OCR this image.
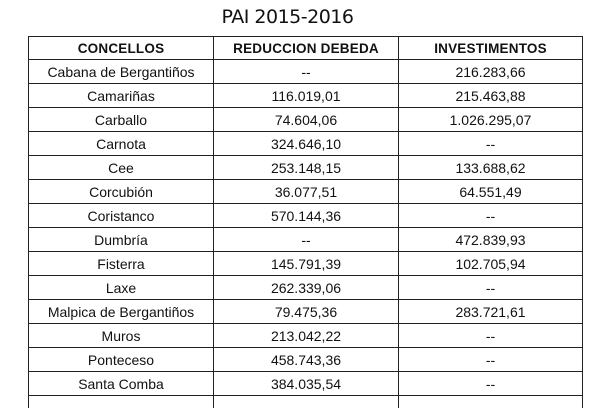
PAI 2015-2016
CONCELLOS	REDUCCION DEBEDA	INVESTIMENTOS
Cabana de Bergantiños	--	216.283,66
Camariñas	116.019,01	215.463,88
Carballo	74.604,06	1.026.295,07
Carnota	324.646,10	--
Cee	253.148,15	133.688,62
Corcubión	36.077,51	64.551,49
Coristanco	570.144,36	--
Dumbría	--	472.839,93
Fisterra	145.791,39	102.705,94
Laxe	262.339,06	--
Malpica de Bergantiños	79.475,36	283.721,61
Muros	213.042,22	--
Ponteceso	458.743,36	--
Santa Comba	384.035,54	--
